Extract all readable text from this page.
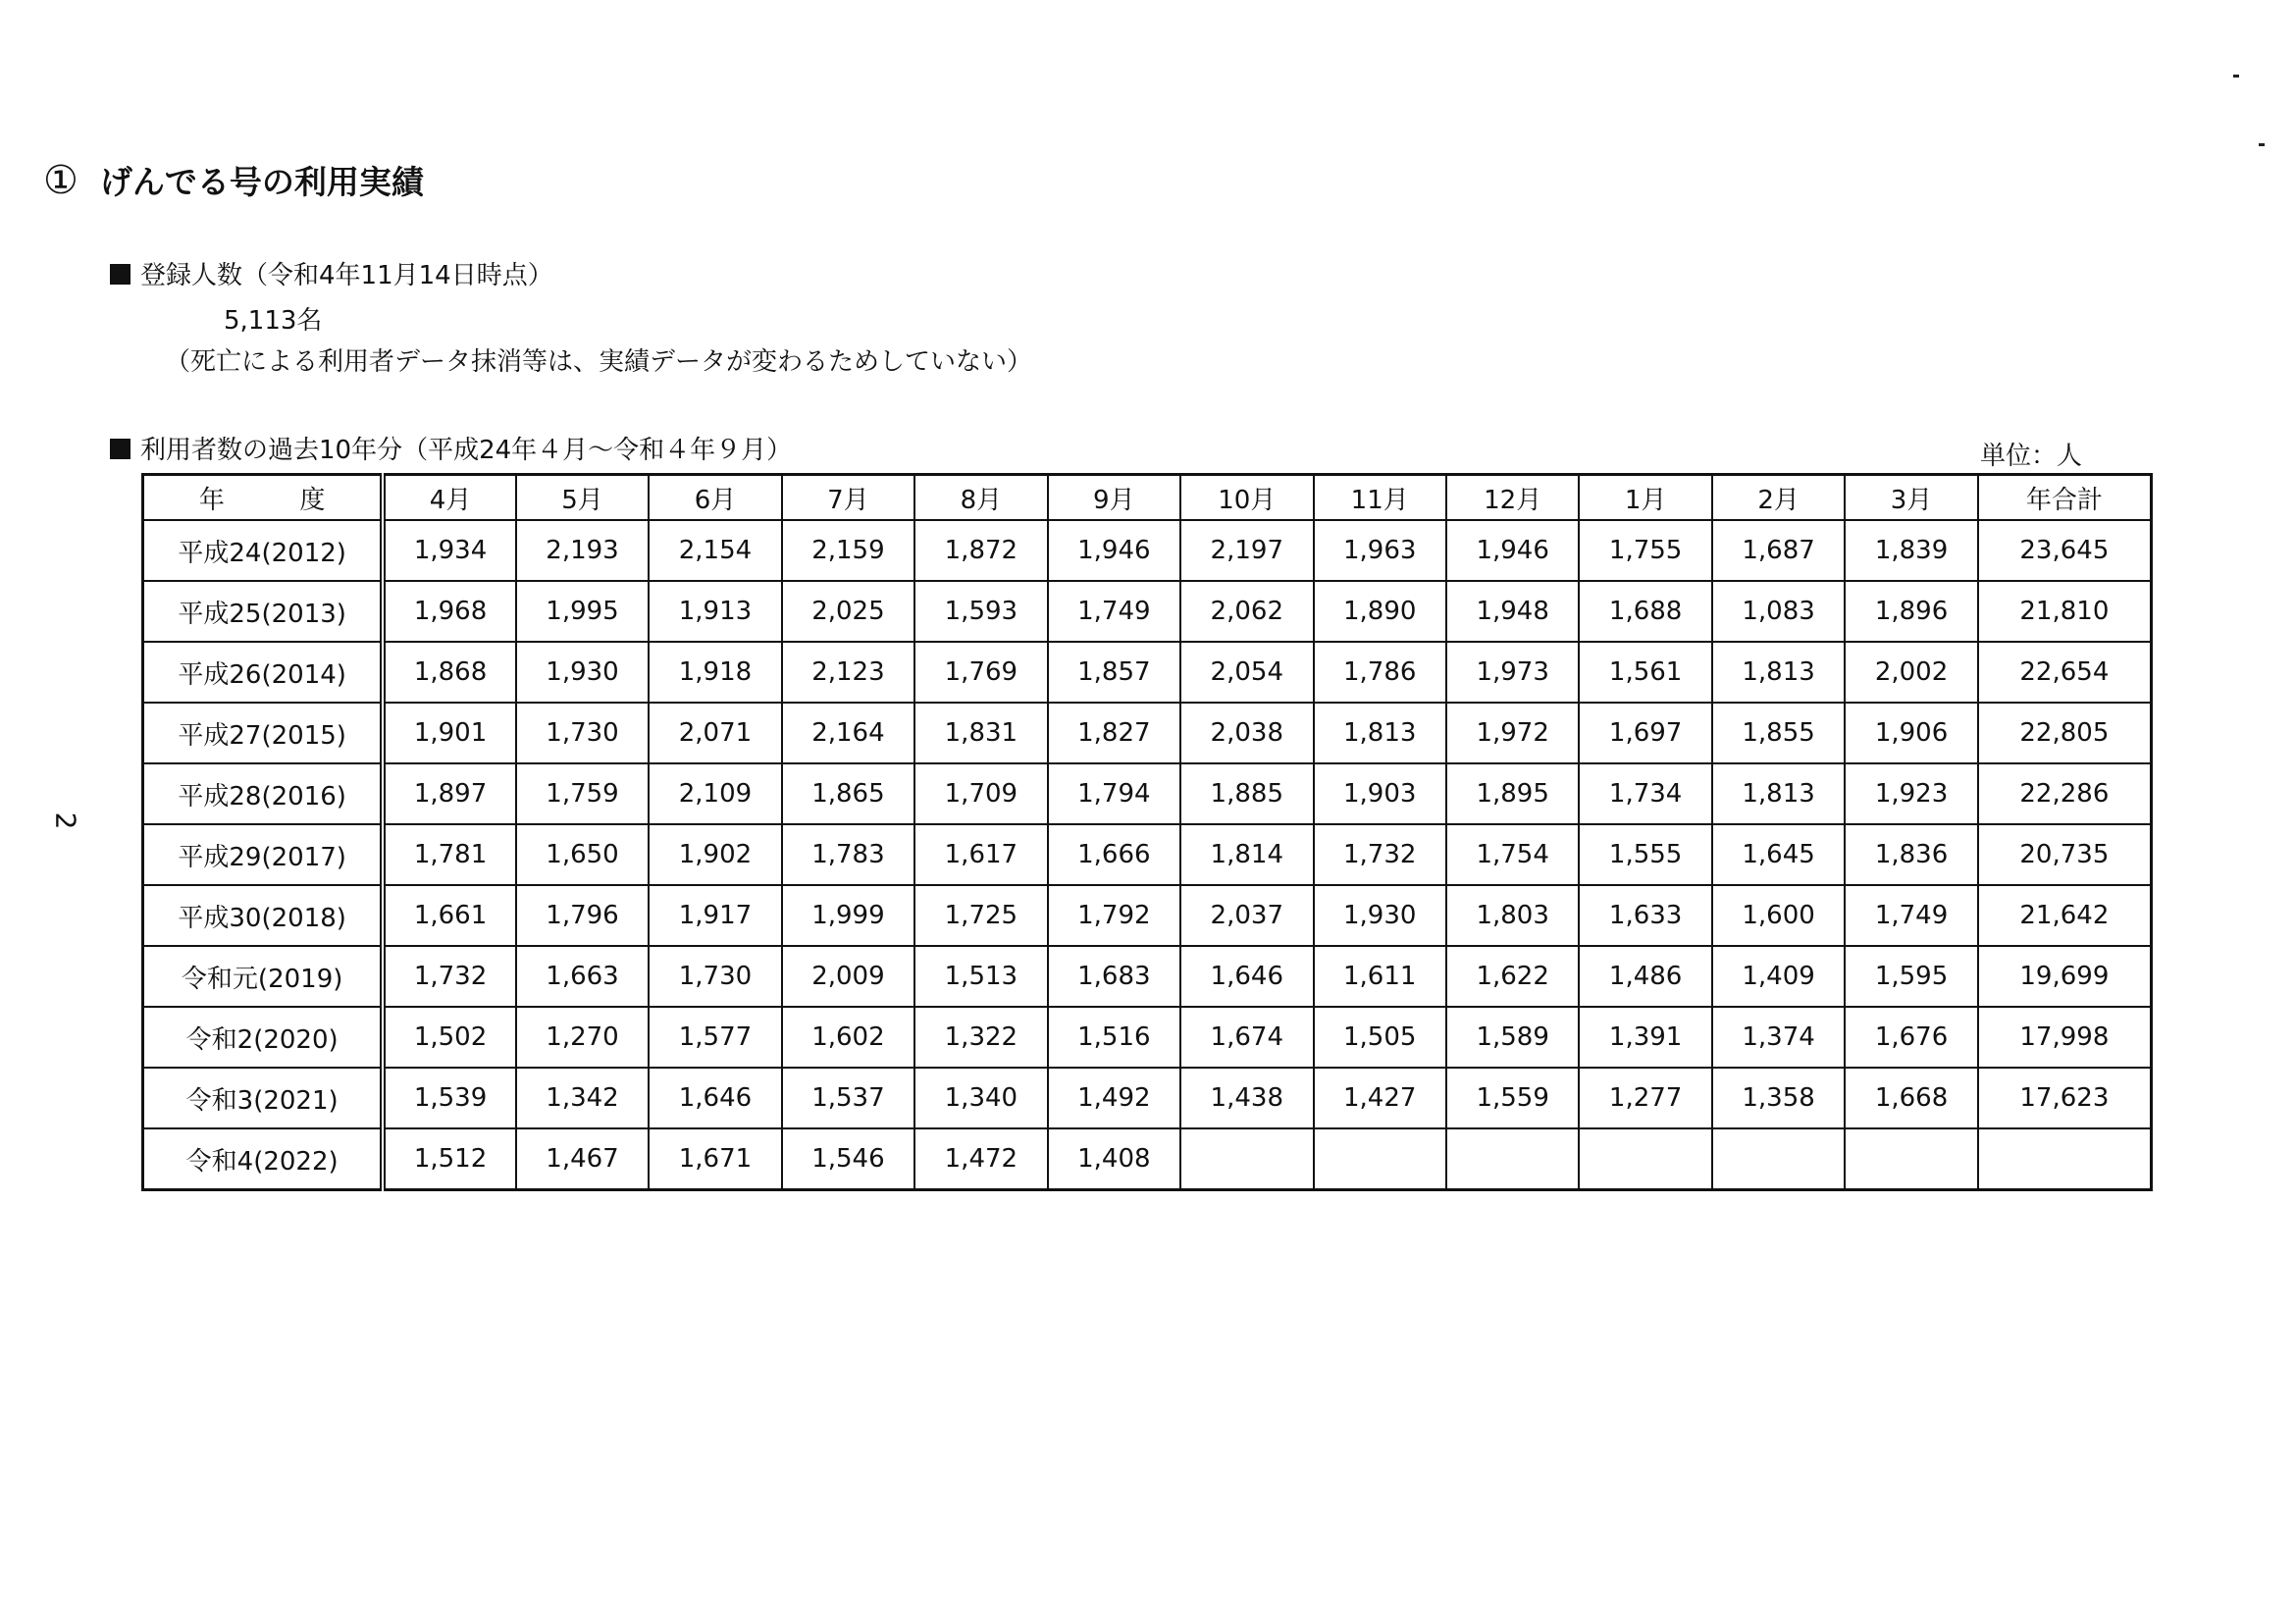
① げんでる号の利用実績
登録人数（令和4年11月14日時点）
5,113名
（死亡による利用者データ抹消等は、実績データが変わるためしていない）
利用者数の過去10年分（平成24年４月～令和４年９月）	単位：人
2
年 度	4月	5月	6月	7月	8月	9月	10月	11月	12月	1月	2月	3月	年合計
平成24(2012)	1,934	2,193	2,154	2,159	1,872	1,946	2,197	1,963	1,946	1,755	1,687	1,839	23,645
平成25(2013)	1,968	1,995	1,913	2,025	1,593	1,749	2,062	1,890	1,948	1,688	1,083	1,896	21,810
平成26(2014)	1,868	1,930	1,918	2,123	1,769	1,857	2,054	1,786	1,973	1,561	1,813	2,002	22,654
平成27(2015)	1,901	1,730	2,071	2,164	1,831	1,827	2,038	1,813	1,972	1,697	1,855	1,906	22,805
平成28(2016)	1,897	1,759	2,109	1,865	1,709	1,794	1,885	1,903	1,895	1,734	1,813	1,923	22,286
平成29(2017)	1,781	1,650	1,902	1,783	1,617	1,666	1,814	1,732	1,754	1,555	1,645	1,836	20,735
平成30(2018)	1,661	1,796	1,917	1,999	1,725	1,792	2,037	1,930	1,803	1,633	1,600	1,749	21,642
令和元(2019)	1,732	1,663	1,730	2,009	1,513	1,683	1,646	1,611	1,622	1,486	1,409	1,595	19,699
令和2(2020)	1,502	1,270	1,577	1,602	1,322	1,516	1,674	1,505	1,589	1,391	1,374	1,676	17,998
令和3(2021)	1,539	1,342	1,646	1,537	1,340	1,492	1,438	1,427	1,559	1,277	1,358	1,668	17,623
令和4(2022)	1,512	1,467	1,671	1,546	1,472	1,408							
